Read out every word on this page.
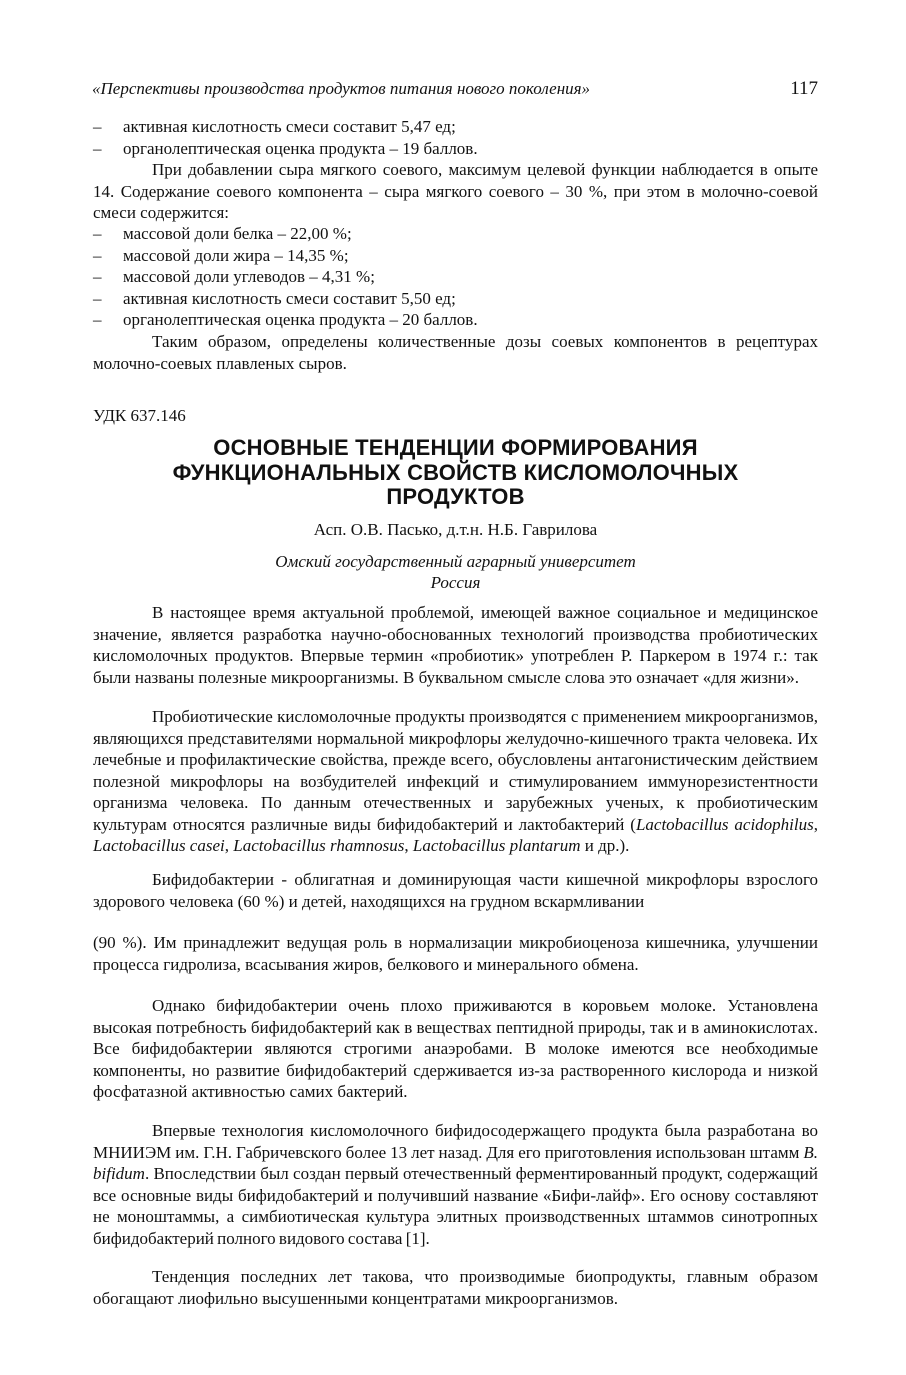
«Перспективы производства продуктов питания нового поколения»	117
– активная кислотность смеси составит 5,47 ед;
– органолептическая оценка продукта – 19 баллов.
При добавлении сыра мягкого соевого, максимум целевой функции наблюдается в опыте 14. Содержание соевого компонента – сыра мягкого соевого – 30 %, при этом в молочно-соевой смеси содержится:
– массовой доли белка – 22,00 %;
– массовой доли жира – 14,35 %;
– массовой доли углеводов – 4,31 %;
– активная кислотность смеси составит 5,50 ед;
– органолептическая оценка продукта – 20 баллов.
Таким образом, определены количественные дозы соевых компонентов в рецептурах молочно-соевых плавленых сыров.
УДК 637.146
ОСНОВНЫЕ ТЕНДЕНЦИИ ФОРМИРОВАНИЯ
ФУНКЦИОНАЛЬНЫХ СВОЙСТВ КИСЛОМОЛОЧНЫХ
ПРОДУКТОВ
Асп. О.В. Пасько, д.т.н. Н.Б. Гаврилова
Омский государственный аграрный университет
Россия
В настоящее время актуальной проблемой, имеющей важное социальное и медицинское значение, является разработка научно-обоснованных технологий производства пробиотических кисломолочных продуктов. Впервые термин «пробиотик» употреблен Р. Паркером в 1974 г.: так были названы полезные микроорганизмы. В буквальном смысле слова это означает «для жизни».
Пробиотические кисломолочные продукты производятся с применением микроорганизмов, являющихся представителями нормальной микрофлоры желудочно-кишечного тракта человека. Их лечебные и профилактические свойства, прежде всего, обусловлены антагонистическим действием полезной микрофлоры на возбудителей инфекций и стимулированием иммунорезистентности организма человека. По данным отечественных и зарубежных ученых, к пробиотическим культурам относятся различные виды бифидобактерий и лактобактерий (Lactobacillus acidophilus, Lactobacillus casei, Lactobacillus rhamnosus, Lactobacillus plantarum и др.).
Бифидобактерии - облигатная и доминирующая части кишечной микрофлоры взрослого здорового человека (60 %) и детей, находящихся на грудном вскармливании
(90 %). Им принадлежит ведущая роль в нормализации микробиоценоза кишечника, улучшении процесса гидролиза, всасывания жиров, белкового и минерального обмена.
Однако бифидобактерии очень плохо приживаются в коровьем молоке. Установлена высокая потребность бифидобактерий как в веществах пептидной природы, так и в аминокислотах. Все бифидобактерии являются строгими анаэробами. В молоке имеются все необходимые компоненты, но развитие бифидобактерий сдерживается из-за растворенного кислорода и низкой фосфатазной активностью самих бактерий.
Впервые технология кисломолочного бифидосодержащего продукта была разработана во МНИИЭМ им. Г.Н. Габричевского более 13 лет назад. Для его приготовления использован штамм B. bifidum. Впоследствии был создан первый отечественный ферментированный продукт, содержащий все основные виды бифидобактерий и получивший название «Бифи-лайф». Его основу составляют не моноштаммы, а симбиотическая культура элитных производственных штаммов синотропных бифидобактерий полного видового состава [1].
Тенденция последних лет такова, что производимые биопродукты, главным образом обогащают лиофильно высушенными концентратами микроорганизмов.
